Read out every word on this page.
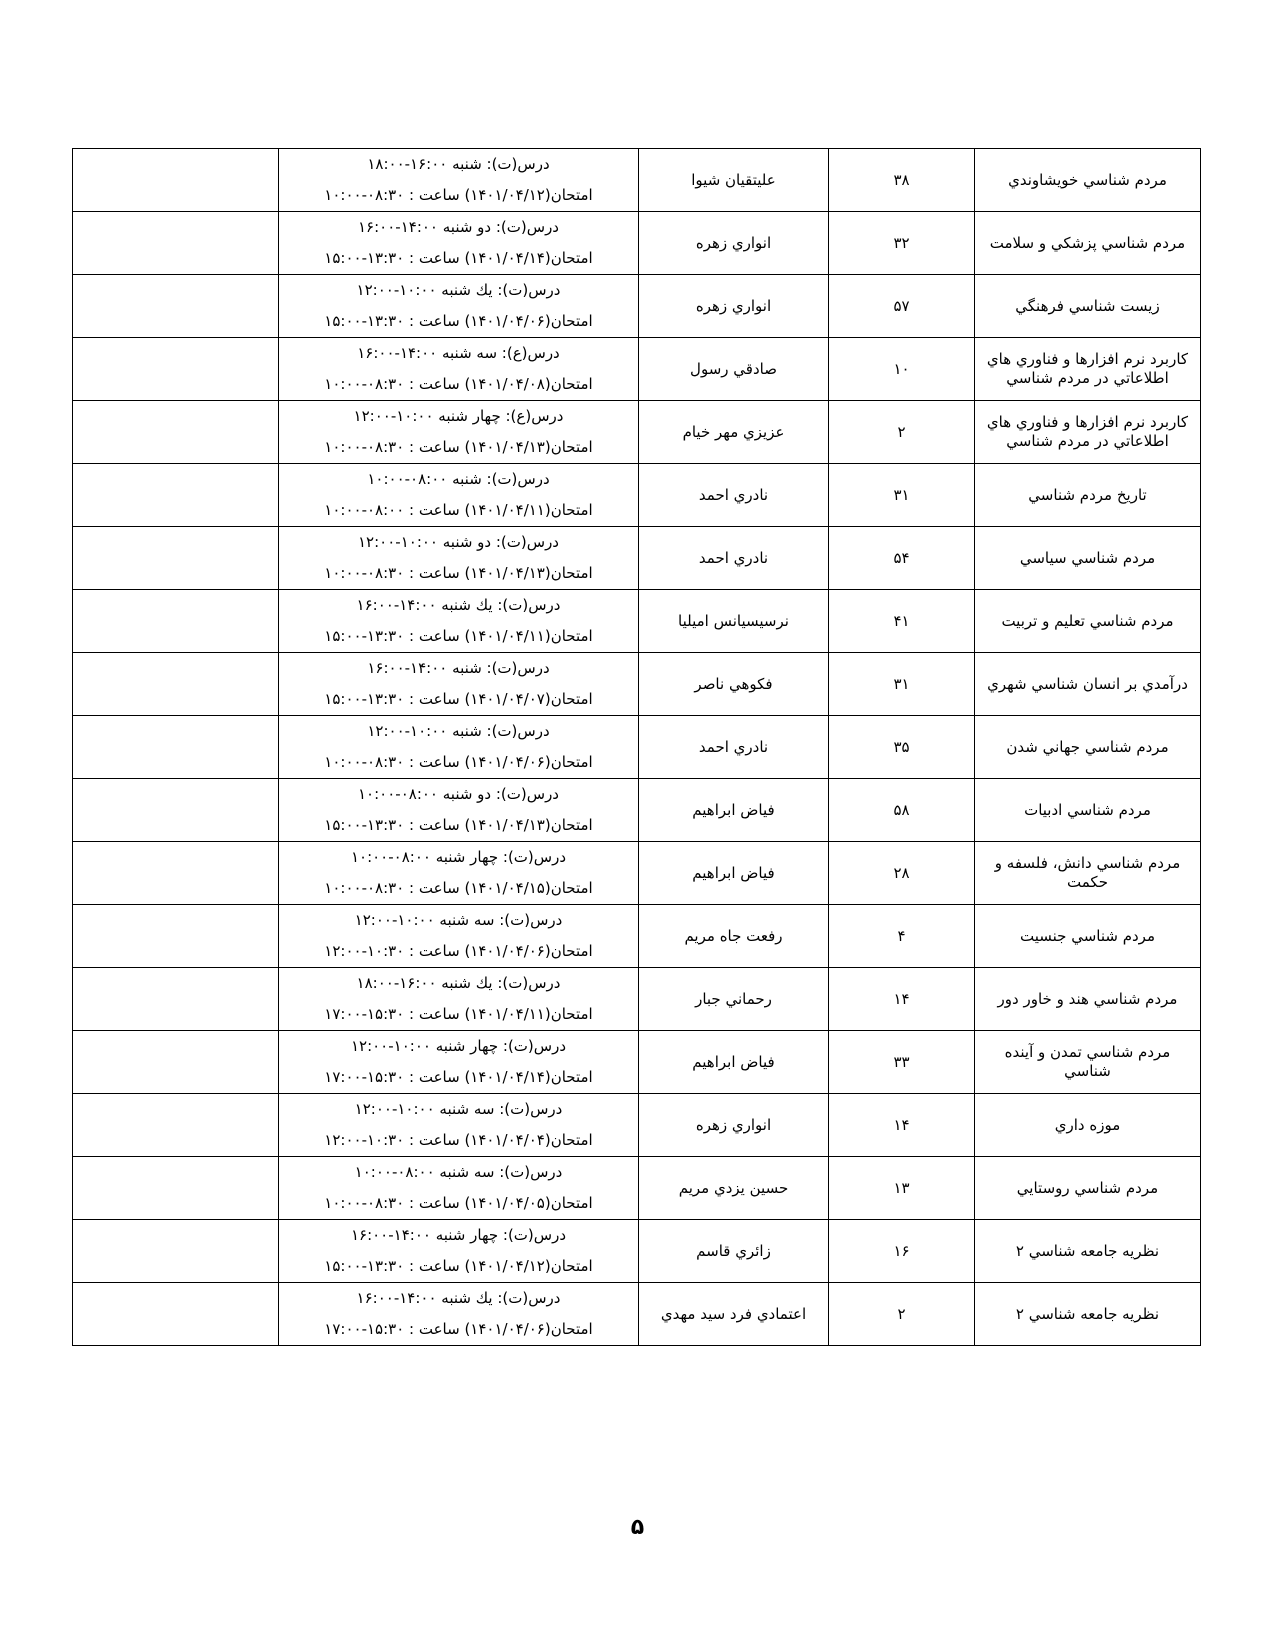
	درس(ت): شنبه ۱۶:۰۰-۱۸:۰۰
امتحان(۱۴۰۱/۰۴/۱۲) ساعت : ۰۸:۳۰-۱۰:۰۰	عليتقيان شيوا	۳۸	مردم شناسي خويشاوندي

	درس(ت): دو شنبه ۱۴:۰۰-۱۶:۰۰
امتحان(۱۴۰۱/۰۴/۱۴) ساعت : ۱۳:۳۰-۱۵:۰۰	انواري زهره	۳۲	مردم شناسي پزشكي و سلامت

	درس(ت): يك شنبه ۱۰:۰۰-۱۲:۰۰
امتحان(۱۴۰۱/۰۴/۰۶) ساعت : ۱۳:۳۰-۱۵:۰۰	انواري زهره	۵۷	زيست شناسي فرهنگي

	درس(ع): سه شنبه ۱۴:۰۰-۱۶:۰۰
امتحان(۱۴۰۱/۰۴/۰۸) ساعت : ۰۸:۳۰-۱۰:۰۰	صادقي رسول	۱۰	كاربرد نرم افزارها و فناوري هاي اطلاعاتي در مردم شناسي

	درس(ع): چهار شنبه ۱۰:۰۰-۱۲:۰۰
امتحان(۱۴۰۱/۰۴/۱۳) ساعت : ۰۸:۳۰-۱۰:۰۰	عزيزي مهر خيام	۲	كاربرد نرم افزارها و فناوري هاي اطلاعاتي در مردم شناسي

	درس(ت): شنبه ۰۸:۰۰-۱۰:۰۰
امتحان(۱۴۰۱/۰۴/۱۱) ساعت : ۰۸:۰۰-۱۰:۰۰	نادري احمد	۳۱	تاريخ مردم شناسي

	درس(ت): دو شنبه ۱۰:۰۰-۱۲:۰۰
امتحان(۱۴۰۱/۰۴/۱۳) ساعت : ۰۸:۳۰-۱۰:۰۰	نادري احمد	۵۴	مردم شناسي سياسي

	درس(ت): يك شنبه ۱۴:۰۰-۱۶:۰۰
امتحان(۱۴۰۱/۰۴/۱۱) ساعت : ۱۳:۳۰-۱۵:۰۰	نرسيسيانس اميليا	۴۱	مردم شناسي تعليم و تربيت

	درس(ت): شنبه ۱۴:۰۰-۱۶:۰۰
امتحان(۱۴۰۱/۰۴/۰۷) ساعت : ۱۳:۳۰-۱۵:۰۰	فكوهي ناصر	۳۱	درآمدي بر انسان شناسي شهري

	درس(ت): شنبه ۱۰:۰۰-۱۲:۰۰
امتحان(۱۴۰۱/۰۴/۰۶) ساعت : ۰۸:۳۰-۱۰:۰۰	نادري احمد	۳۵	مردم شناسي جهاني شدن

	درس(ت): دو شنبه ۰۸:۰۰-۱۰:۰۰
امتحان(۱۴۰۱/۰۴/۱۳) ساعت : ۱۳:۳۰-۱۵:۰۰	فياض ابراهيم	۵۸	مردم شناسي ادبيات

	درس(ت): چهار شنبه ۰۸:۰۰-۱۰:۰۰
امتحان(۱۴۰۱/۰۴/۱۵) ساعت : ۰۸:۳۰-۱۰:۰۰	فياض ابراهيم	۲۸	مردم شناسي دانش، فلسفه و حكمت

	درس(ت): سه شنبه ۱۰:۰۰-۱۲:۰۰
امتحان(۱۴۰۱/۰۴/۰۶) ساعت : ۱۰:۳۰-۱۲:۰۰	رفعت جاه مريم	۴	مردم شناسي جنسيت

	درس(ت): يك شنبه ۱۶:۰۰-۱۸:۰۰
امتحان(۱۴۰۱/۰۴/۱۱) ساعت : ۱۵:۳۰-۱۷:۰۰	رحماني جبار	۱۴	مردم شناسي هند و خاور دور

	درس(ت): چهار شنبه ۱۰:۰۰-۱۲:۰۰
امتحان(۱۴۰۱/۰۴/۱۴) ساعت : ۱۵:۳۰-۱۷:۰۰	فياض ابراهيم	۳۳	مردم شناسي تمدن و آينده شناسي

	درس(ت): سه شنبه ۱۰:۰۰-۱۲:۰۰
امتحان(۱۴۰۱/۰۴/۰۴) ساعت : ۱۰:۳۰-۱۲:۰۰	انواري زهره	۱۴	موزه داري

	درس(ت): سه شنبه ۰۸:۰۰-۱۰:۰۰
امتحان(۱۴۰۱/۰۴/۰۵) ساعت : ۰۸:۳۰-۱۰:۰۰	حسين يزدي مريم	۱۳	مردم شناسي روستايي

	درس(ت): چهار شنبه ۱۴:۰۰-۱۶:۰۰
امتحان(۱۴۰۱/۰۴/۱۲) ساعت : ۱۳:۳۰-۱۵:۰۰	زائري قاسم	۱۶	نظريه جامعه شناسي ۲

	درس(ت): يك شنبه ۱۴:۰۰-۱۶:۰۰
امتحان(۱۴۰۱/۰۴/۰۶) ساعت : ۱۵:۳۰-۱۷:۰۰	اعتمادي فرد سيد مهدي	۲	نظريه جامعه شناسي ۲
۵
